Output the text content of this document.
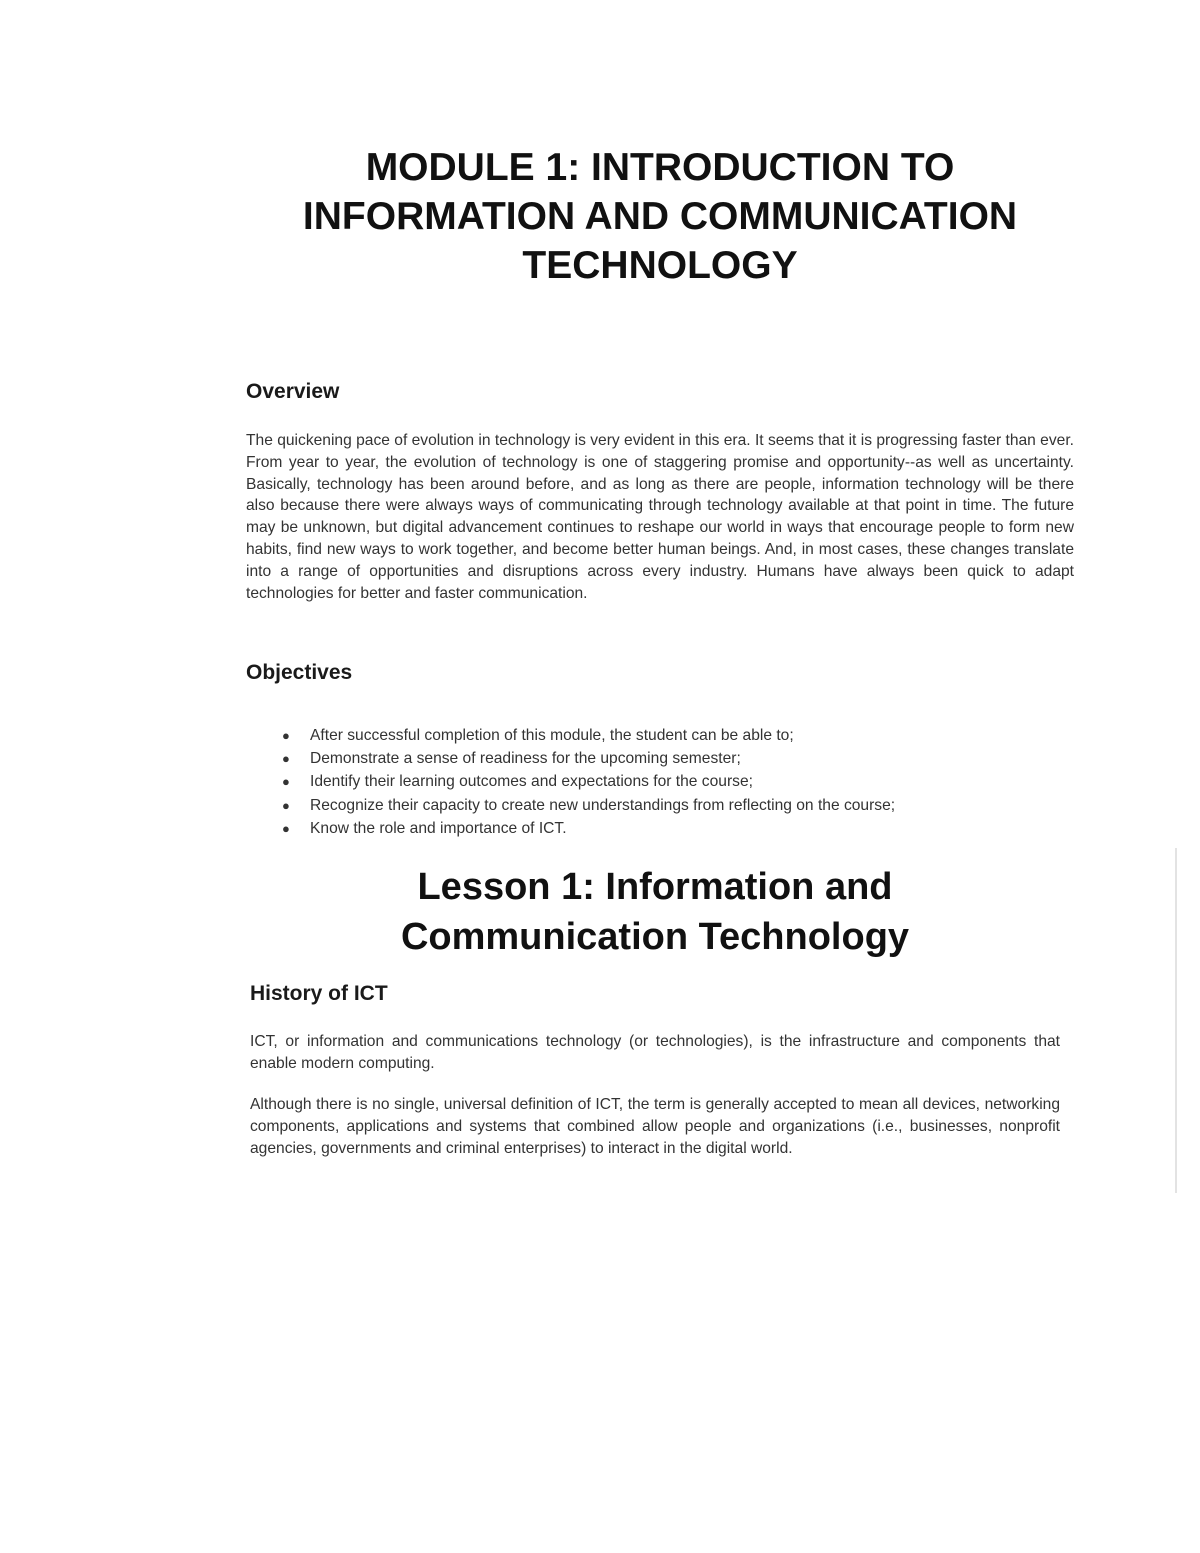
MODULE 1: INTRODUCTION TO
INFORMATION AND COMMUNICATION
TECHNOLOGY
Overview

The quickening pace of evolution in technology is very evident in this era. It seems that it is progressing faster than ever. From year to year, the evolution of technology is one of staggering promise and opportunity--as well as uncertainty. Basically, technology has been around before, and as long as there are people, information technology will be there also because there were always ways of communicating through technology available at that point in time. The future may be unknown, but digital advancement continues to reshape our world in ways that encourage people to form new habits, find new ways to work together, and become better human beings. And, in most cases, these changes translate into a range of opportunities and disruptions across every industry. Humans have always been quick to adapt technologies for better and faster communication.

Objectives
● After successful completion of this module, the student can be able to;
● Demonstrate a sense of readiness for the upcoming semester;
● Identify their learning outcomes and expectations for the course;
● Recognize their capacity to create new understandings from reflecting on the course;
● Know the role and importance of ICT.
Lesson 1: Information and
Communication Technology
History of ICT

ICT, or information and communications technology (or technologies), is the infrastructure and components that enable modern computing.

Although there is no single, universal definition of ICT, the term is generally accepted to mean all devices, networking components, applications and systems that combined allow people and organizations (i.e., businesses, nonprofit agencies, governments and criminal enterprises) to interact in the digital world.
